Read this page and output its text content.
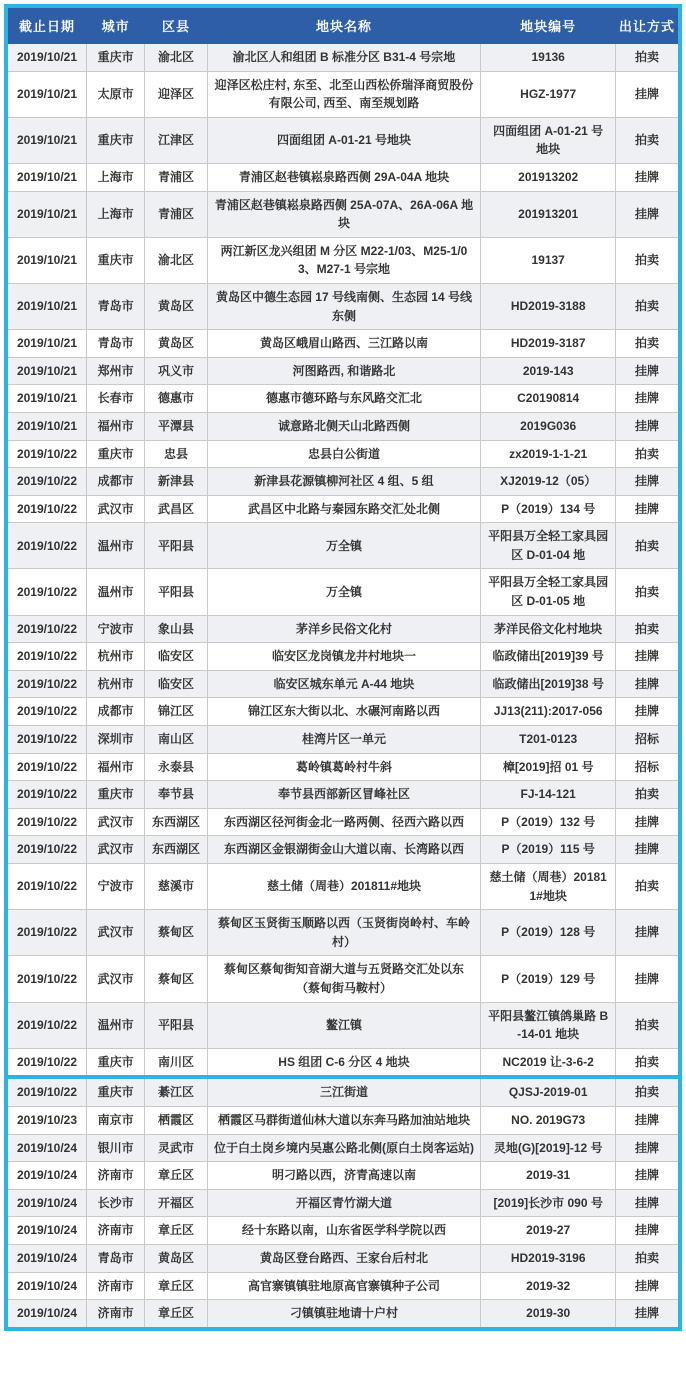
截止日期	城市	区县	地块名称	地块编号	出让方式
2019/10/21	重庆市	渝北区	渝北区人和组团 B 标准分区 B31-4 号宗地	19136	拍卖
2019/10/21	太原市	迎泽区	迎泽区松庄村, 东至、北至山西松侨瑞泽商贸股份有限公司, 西至、南至规划路	HGZ-1977	挂牌
2019/10/21	重庆市	江津区	四面组团 A-01-21 号地块	四面组团 A-01-21 号地块	拍卖
2019/10/21	上海市	青浦区	青浦区赵巷镇崧泉路西侧 29A-04A 地块	201913202	挂牌
2019/10/21	上海市	青浦区	青浦区赵巷镇崧泉路西侧 25A-07A、26A-06A 地块	201913201	挂牌
2019/10/21	重庆市	渝北区	两江新区龙兴组团 M 分区 M22-1/03、M25-1/03、M27-1 号宗地	19137	拍卖
2019/10/21	青岛市	黄岛区	黄岛区中德生态园 17 号线南侧、生态园 14 号线东侧	HD2019-3188	拍卖
2019/10/21	青岛市	黄岛区	黄岛区峨眉山路西、三江路以南	HD2019-3187	拍卖
2019/10/21	郑州市	巩义市	河图路西, 和谐路北	2019-143	挂牌
2019/10/21	长春市	德惠市	德惠市德环路与东风路交汇北	C20190814	挂牌
2019/10/21	福州市	平潭县	诚意路北侧天山北路西侧	2019G036	挂牌
2019/10/22	重庆市	忠县	忠县白公街道	zx2019-1-1-21	拍卖
2019/10/22	成都市	新津县	新津县花源镇柳河社区 4 组、5 组	XJ2019-12（05）	挂牌
2019/10/22	武汉市	武昌区	武昌区中北路与秦园东路交汇处北侧	P（2019）134 号	挂牌
2019/10/22	温州市	平阳县	万全镇	平阳县万全轻工家具园区 D-01-04 地	拍卖
2019/10/22	温州市	平阳县	万全镇	平阳县万全轻工家具园区 D-01-05 地	拍卖
2019/10/22	宁波市	象山县	茅洋乡民俗文化村	茅洋民俗文化村地块	拍卖
2019/10/22	杭州市	临安区	临安区龙岗镇龙井村地块一	临政储出[2019]39 号	挂牌
2019/10/22	杭州市	临安区	临安区城东单元 A-44 地块	临政储出[2019]38 号	挂牌
2019/10/22	成都市	锦江区	锦江区东大街以北、水碾河南路以西	JJ13(211):2017-056	挂牌
2019/10/22	深圳市	南山区	桂湾片区一单元	T201-0123	招标
2019/10/22	福州市	永泰县	葛岭镇葛岭村牛斜	樟[2019]招 01 号	招标
2019/10/22	重庆市	奉节县	奉节县西部新区冒峰社区	FJ-14-121	拍卖
2019/10/22	武汉市	东西湖区	东西湖区径河街金北一路两侧、径西六路以西	P（2019）132 号	挂牌
2019/10/22	武汉市	东西湖区	东西湖区金银湖街金山大道以南、长湾路以西	P（2019）115 号	挂牌
2019/10/22	宁波市	慈溪市	慈土储（周巷）201811#地块	慈土储（周巷）201811#地块	拍卖
2019/10/22	武汉市	蔡甸区	蔡甸区玉贤街玉顺路以西（玉贤街岗岭村、车岭村）	P（2019）128 号	挂牌
2019/10/22	武汉市	蔡甸区	蔡甸区蔡甸街知音湖大道与五贤路交汇处以东（蔡甸街马鞍村）	P（2019）129 号	挂牌
2019/10/22	温州市	平阳县	鳌江镇	平阳县鳌江镇鸽巢路 B-14-01 地块	拍卖
2019/10/22	重庆市	南川区	HS 组团 C-6 分区 4 地块	NC2019 让-3-6-2	拍卖
2019/10/22	重庆市	綦江区	三江街道	QJSJ-2019-01	拍卖
2019/10/23	南京市	栖霞区	栖霞区马群街道仙林大道以东奔马路加油站地块	NO. 2019G73	挂牌
2019/10/24	银川市	灵武市	位于白土岗乡境内吴惠公路北侧(原白土岗客运站)	灵地(G)[2019]-12 号	挂牌
2019/10/24	济南市	章丘区	明刁路以西，济青高速以南	2019-31	挂牌
2019/10/24	长沙市	开福区	开福区青竹湖大道	[2019]长沙市 090 号	挂牌
2019/10/24	济南市	章丘区	经十东路以南，山东省医学科学院以西	2019-27	挂牌
2019/10/24	青岛市	黄岛区	黄岛区登台路西、王家台后村北	HD2019-3196	拍卖
2019/10/24	济南市	章丘区	高官寨镇镇驻地原高官寨镇种子公司	2019-32	挂牌
2019/10/24	济南市	章丘区	刁镇镇驻地请十户村	2019-30	挂牌
